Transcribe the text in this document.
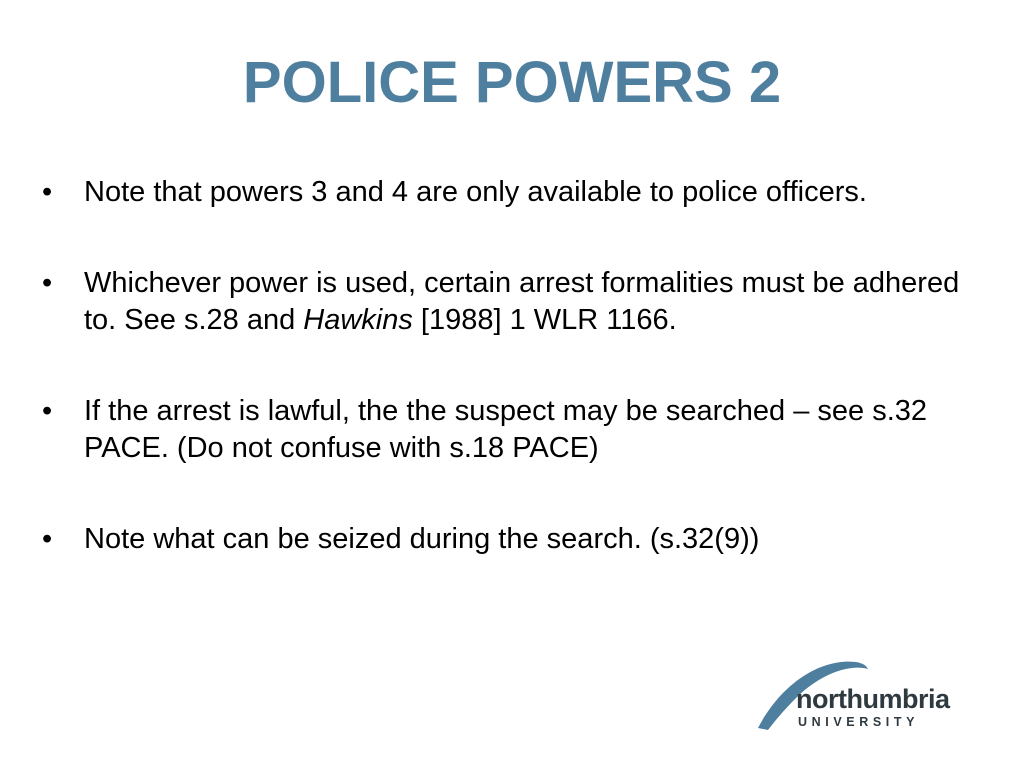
POLICE POWERS 2
•	Note that powers 3 and 4 are only available to police officers.
•	Whichever power is used, certain arrest formalities must be adhered to. See s.28 and Hawkins [1988] 1 WLR 1166.
•	If the arrest is lawful, the the suspect may be searched – see s.32 PACE. (Do not confuse with s.18 PACE)
•	Note what can be seized during the search. (s.32(9))
northumbria
UNIVERSITY
